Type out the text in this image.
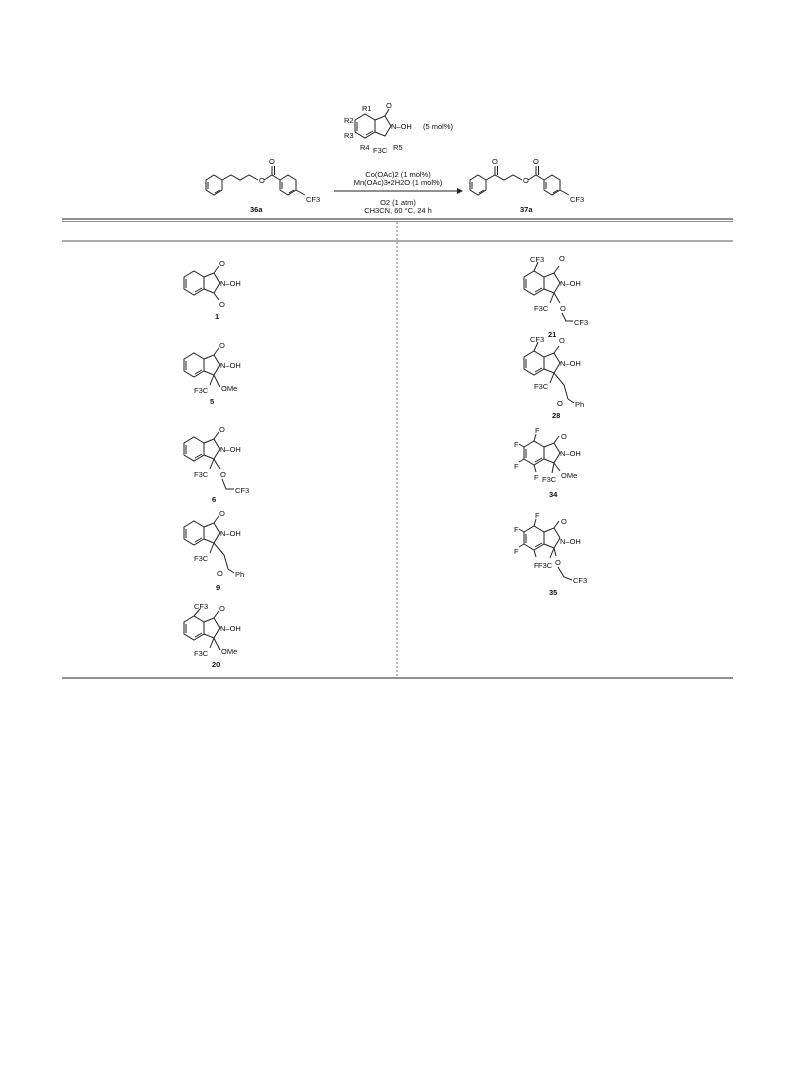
O
O
CF3
36a
O
N–OH (5 mol%)
R1
R2
R3
R4 F3C R5
Co(OAc)2 (1 mol%)
Mn(OAc)3•2H2O (1 mol%)
O2 (1 atm)
CH3CN, 60 °C, 24 h
O
O
O
CF3
37a
O
N–OH
O
1
O
N–OH
OMe
F3C
5
O
N–OH
O
F3C
CF3
6
O
N–OH
F3C
O Ph
9
O
N–OH
CF3
OMe
F3C
20
O
N–OH
CF3
O
F3C
CF3
21
O
N–OH
CF3
F3C
O Ph
28
O
N–OH
F
F
F
F	OMe
F3C
34
O
N–OH
F
F
F
F O
F3C
CF3
35
